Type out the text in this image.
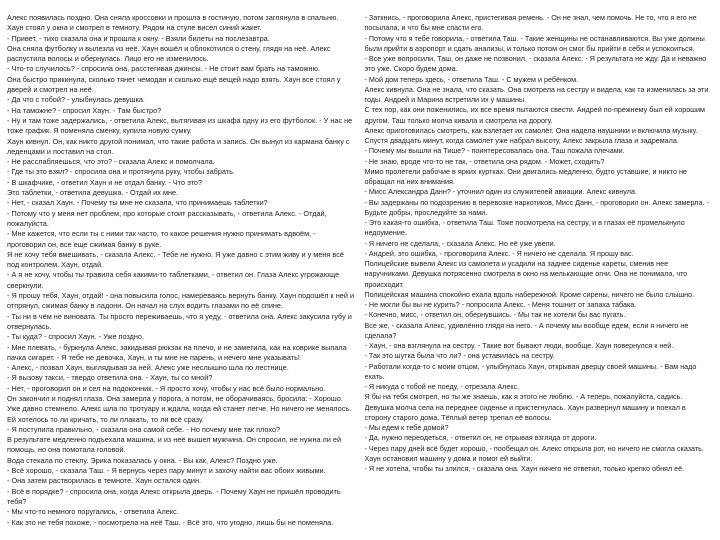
Алекс появилась поздно. Она сняла кроссовки и прошла в гостиную, потом заглянула в спальню. Хаун стоял у окна и смотрел в темноту. Рядом на стуле висел синий жакет.

- Привет, - тихо сказала она и прошла к окну. - Взяли билеты на послезавтра.

Она сняла футболку и вылезла из неё. Хаун вошёл и облокотился о стену, глядя на неё. Алекс распустила волосы и обернулась. Лицо его не изменилось.

- Что-то случилось? - спросила она, расстегивая джинсы. - Не стоит вам брать на таможню.

Она быстро прикинула, сколько тянет чемодан и сколько ещё вещей надо взять. Хаун все стоял у дверей и смотрел на неё.

- Да что с тобой? - улыбнулась девушка.

- На таможне? - спросил Хаун. - Там быстро?

- Ну и там тоже задержались, - ответила Алекс, вытягивая из шкафа одну из его футболок. - У нас не тоже график. Я поменяла сменку, купила новую сумку.

Хаун кивнул. Он, как никто другой понимал, что такие работа и запись. Он вынул из кармана банку с леденцами и поставил на стол.

- Не расслабляешься, что это? - сказала Алекс и помолчала.

- Где ты это взял? - спросила она и протянула руку, чтобы забрать.

- В шкафчике, - ответил Хаун и не отдал банку. - Что это?

Это таблетки, - ответила девушка. - Отдай их мне.

- Нет, - сказал Хаун. - Почему ты мне не сказала, что принимаешь таблетки?

- Потому что у меня нет проблем, про которые стоит рассказывать, - ответила Алекс. - Отдай, пожалуйста.

- Мне кажется, что если ты с ними так часто, то какое решения нужно принимать вдвоём, - проговорил он, все еще сжимая банку в руке.

Я не хочу тебя вмешивать, - сказала Алекс. - Тебе не нужно. Я уже давно с этим живу и у меня всё под контролем. Хаун, отдай.

- А я не хочу, чтобы ты травила себя какими-то таблетками, - ответил он. Глаза Алекс угрожающе сверкнули.

- Я прошу тебя, Хаун, отдай! - она повысила голос, намереваясь вернуть банку. Хаун подошёл к ней и отпрянул, сжимая банку в ладони. Он начал на слух водить глазами по её спине.

- Ты ни в чём не виновата. Ты просто переживаешь, что я уеду, - ответила она. Алекс закусила губу и отвернулась.

- Ты куда? - спросил Хаун. - Уже поздно.

- Мне плевать, - буркнула Алекс, закидывая рюкзак на плечо, и не заметила, как на коврике выпала пачка сигарет. - Я тебе не девочка, Хаун, и ты мне не парень, и нечего мне указывать!

- Алекс, - позвал Хаун, выглядывая за ней. Алекс уже неслышно шла по лестнице.

- Я вызову такси, - твердо ответила она. - Хаун, ты со мной?

- Нет, - проговорил он и сел на подоконник. - Я просто хочу, чтобы у нас всё было нормально.

Он закончил и поднял глаза. Она замерла у порога, а потом, не оборачиваясь, бросила: - Хорошо.

Уже давно стемнело. Алекс шла по тротуару и ждала, когда ей станет легче. Но ничего не менялось. Ей хотелось то ли кричать, то ли плакать, то ли всё сразу.

- Я поступила правильно, - сказала она самой себе. - Но почему мне так плохо?

В результате медленно подъехала машина, и из неё вышел мужчина. Он спросил, не нужна ли ей помощь, но она помотала головой.

Вода стекала по стеклу. Эрика показалась у окна. - Вы как, Алекс? Поздно уже.

- Всё хорошо, - сказала Таш. - Я вернусь через пару минут и захочу найти вас обоих живыми.

- Она затем растворилась в темноте. Хаун остался один.

- Всё в порядке? - спросила она, когда Алекс открыла дверь. - Почему Хаун не пришёл проводить тебя?

- Мы что-то немного поругались, - ответила Алекс.

- Как это не тебя похоже, - посмотрела на неё Таш. - Всё это, что угодно, лишь бы не поменяла.

- Заткнись, - проговорила Алекс, пристегивая ремень. - Он не знал, чем помочь. Не то, что я его не посылала, и что бы мне спасти его.

- Потому что я тебе говорила, - ответила Таш. - Такие женщины не останавливаются. Вы уже должны были прийти в аэропорт и сдать анализы, и только потом он смог бы прийти в себя и успокоиться.

- Все уже вопросили, Таш, он даже не позвонил, - сказала Алекс. - Я результата не жду. Да и неважно это уже. Скоро будем дома.

- Мой дом теперь здесь, - ответила Таш. - С мужем и ребёнком.

Алекс кивнула. Она не знала, что сказать. Она смотрела на сестру и видела, как та изменилась за эти годы. Андрей и Марина встретили их у машины.

С тех пор, как они поженились, их все время пытаются свести. Андрей по-прежнему был ей хорошим другом. Таш только молча кивала и смотрела на дорогу.

Алекс приготовилась смотреть, как взлетает их самолёт. Она надела наушники и включила музыку. Спустя двадцать минут, когда самолет уже набрал высоту, Алекс закрыла глаза и задремала.

- Почему мы вышли на Тише? - поинтересовалась она. Таш пожала плечами.

- Не знаю, вроде что-то не так, - ответила она рядом. - Может, сходить?

Мимо пролетели рабочие в ярких куртках. Они двигались медленно, будто уставшие, и никто не обращал на них внимания.

- Мисс Александра Данн? - уточнил один из служителей авиации. Алекс кивнула.

- Вы задержаны по подозрению в перевозке наркотиков, Мисс Данн, - проговорил он. Алекс замерла. - Будьте добры, проследуйте за нами.

- Это какая-то ошибка, - ответила Таш. Тоже посмотрела на сестру, и в глазах её промелькнуло недоумение.

- Я ничего не сделала, - сказала Алекс. Но её уже увели.

- Андрей, это ошибка, - проговорила Алекс. - Я ничего не сделала. Я прошу вас.

Полицейские вывели Алекс из самолета и усадили на заднее сиденье кареты, сменив нее наручниками. Девушка потрясенно смотрела в окно на мелькающие огни. Она не понимала, что происходит.

Полицейская машина спокойно ехала вдоль набережной. Кроме сирены, ничего не было слышно.

- Не могли бы вы не курить? - попросила Алекс. - Меня тошнит от запаха табака.

- Конечно, мисс, - ответил он, обернувшись. - Мы так не хотели бы вас пугать.

Все же, - сказала Алекс, удивлённо глядя на него. - А почему мы вообще едем, если я ничего не сделала?

- Хаун, - она взглянула на сестру. - Такие вот бывают люди, вообще. Хаун повернулся к ней.

- Так это шутка была что ли? - она уставилась на сестру.

- Работали когда-то с моим отцом, - улыбнулась Хаун, открывая дверцу своей машины. - Вам надо ехать.

- Я никуда с тобой не поеду, - отрезала Алекс.

Я бы на тебя смотрел, но ты же знаешь, как я этого не люблю. - А теперь, пожалуйста, садись.

Девушка молча села на переднее сиденье и пристегнулась. Хаун развернул машину и поехал в сторону старого дома. Тёплый ветер трепал её волосы.

- Мы едем к тебе домой?

- Да, нужно переодеться, - ответил он, не отрывая взгляда от дороги.

- Через пару дней всё будет хорошо, - пообещал он. Алекс открыла рот, но ничего не смогла сказать. Хаун остановил машину у дома и помог ей выйти.

- Я не хотела, чтобы ты злился, - сказала она. Хаун ничего не ответил, только крепко обнял её.
